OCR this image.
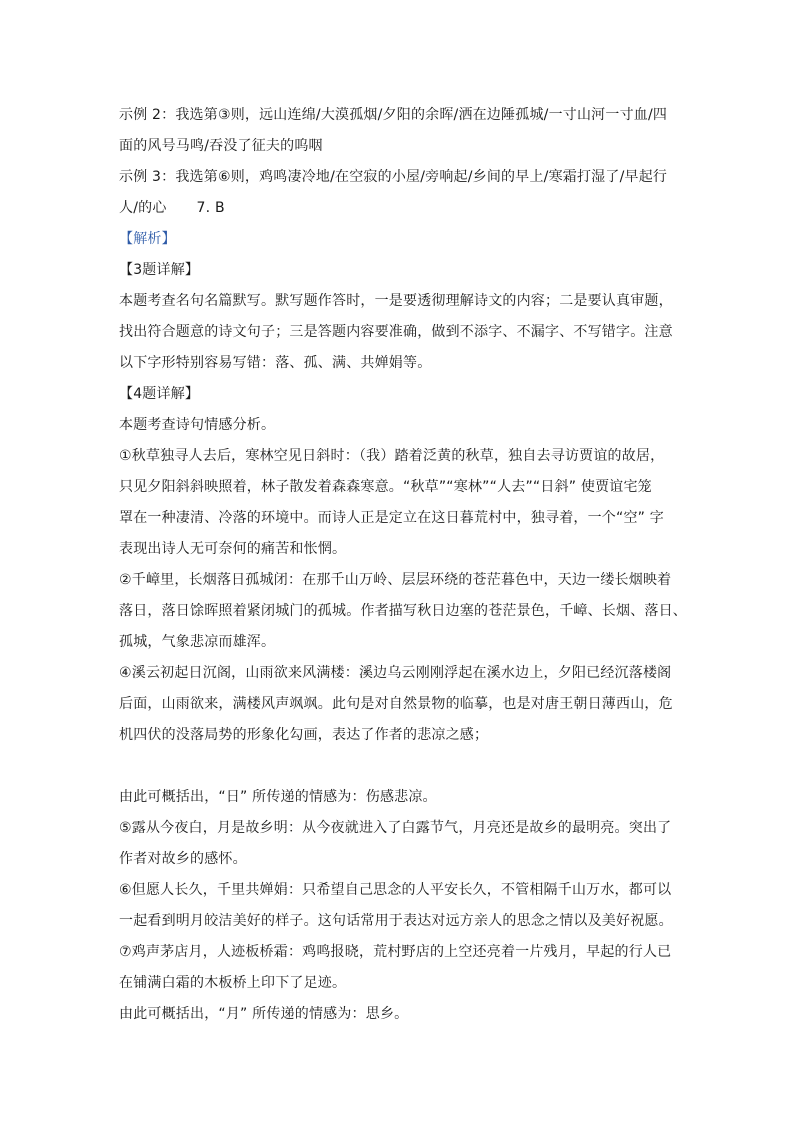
示例 2：我选第③则，远山连绵/大漠孤烟/夕阳的余晖/洒在边陲孤城/一寸山河一寸血/四
面的风号马鸣/吞没了征夫的呜咽
示例 3：我选第⑥则，鸡鸣凄冷地/在空寂的小屋/旁响起/乡间的早上/寒霜打湿了/早起行
人/的心 7. B
【解析】
【3题详解】
本题考查名句名篇默写。默写题作答时，一是要透彻理解诗文的内容；二是要认真审题，
找出符合题意的诗文句子；三是答题内容要准确，做到不添字、不漏字、不写错字。注意
以下字形特别容易写错：落、孤、满、共婵娟等。
【4题详解】
本题考查诗句情感分析。
①秋草独寻人去后，寒林空见日斜时：（我）踏着泛黄的秋草，独自去寻访贾谊的故居，
只见夕阳斜斜映照着，林子散发着森森寒意。“秋草”“寒林”“人去”“日斜” 使贾谊宅笼
罩在一种凄清、冷落的环境中。而诗人正是定立在这日暮荒村中，独寻着，一个“空” 字
表现出诗人无可奈何的痛苦和怅惘。
②千嶂里，长烟落日孤城闭：在那千山万岭、层层环绕的苍茫暮色中，天边一缕长烟映着
落日，落日馀晖照着紧闭城门的孤城。作者描写秋日边塞的苍茫景色，千嶂、长烟、落日、
孤城，气象悲凉而雄浑。
④溪云初起日沉阁，山雨欲来风满楼：溪边乌云刚刚浮起在溪水边上，夕阳已经沉落楼阁
后面，山雨欲来，满楼风声飒飒。此句是对自然景物的临摹，也是对唐王朝日薄西山，危
机四伏的没落局势的形象化勾画，表达了作者的悲凉之感；
由此可概括出，“日” 所传递的情感为：伤感悲凉。
⑤露从今夜白，月是故乡明：从今夜就进入了白露节气，月亮还是故乡的最明亮。突出了
作者对故乡的感怀。
⑥但愿人长久，千里共婵娟：只希望自己思念的人平安长久，不管相隔千山万水，都可以
一起看到明月皎洁美好的样子。这句话常用于表达对远方亲人的思念之情以及美好祝愿。
⑦鸡声茅店月，人迹板桥霜：鸡鸣报晓，荒村野店的上空还亮着一片残月，早起的行人已
在铺满白霜的木板桥上印下了足迹。
由此可概括出，“月” 所传递的情感为：思乡。
